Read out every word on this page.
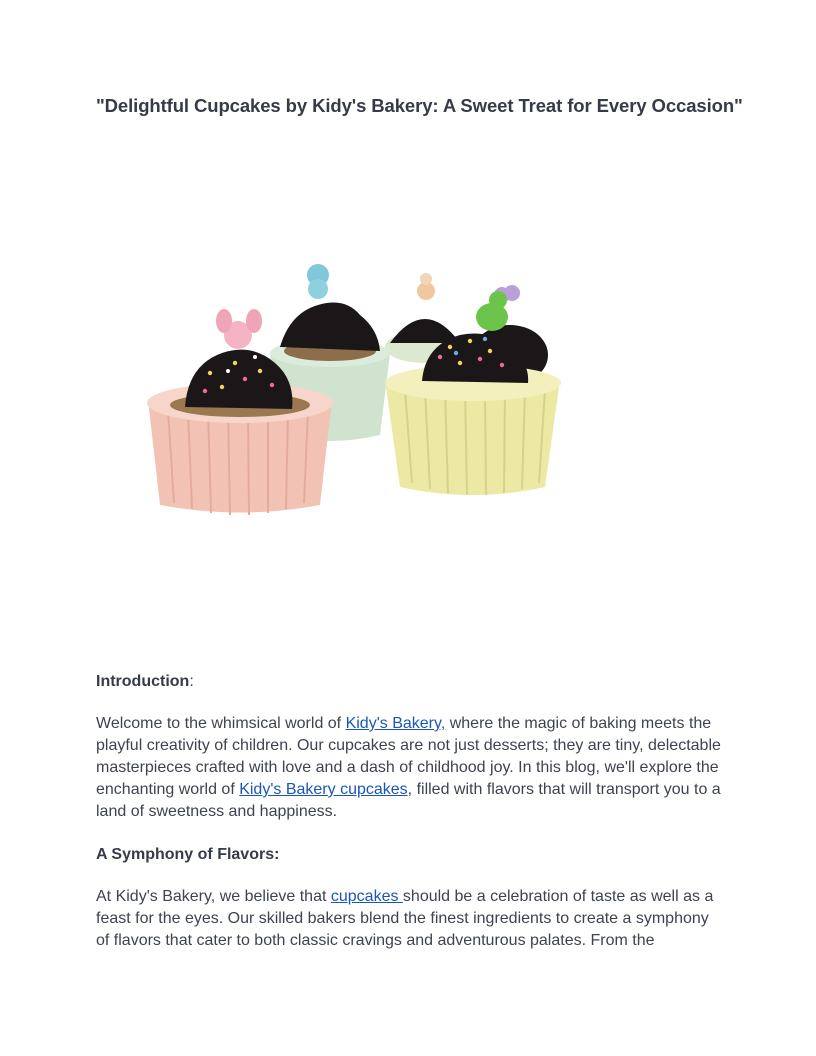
"Delightful Cupcakes by Kidy's Bakery: A Sweet Treat for Every Occasion"
Introduction:
Welcome to the whimsical world of Kidy's Bakery, where the magic of baking meets the playful creativity of children. Our cupcakes are not just desserts; they are tiny, delectable masterpieces crafted with love and a dash of childhood joy. In this blog, we'll explore the enchanting world of Kidy's Bakery cupcakes, filled with flavors that will transport you to a land of sweetness and happiness.
A Symphony of Flavors:
At Kidy's Bakery, we believe that cupcakes should be a celebration of taste as well as a feast for the eyes. Our skilled bakers blend the finest ingredients to create a symphony of flavors that cater to both classic cravings and adventurous palates. From the
